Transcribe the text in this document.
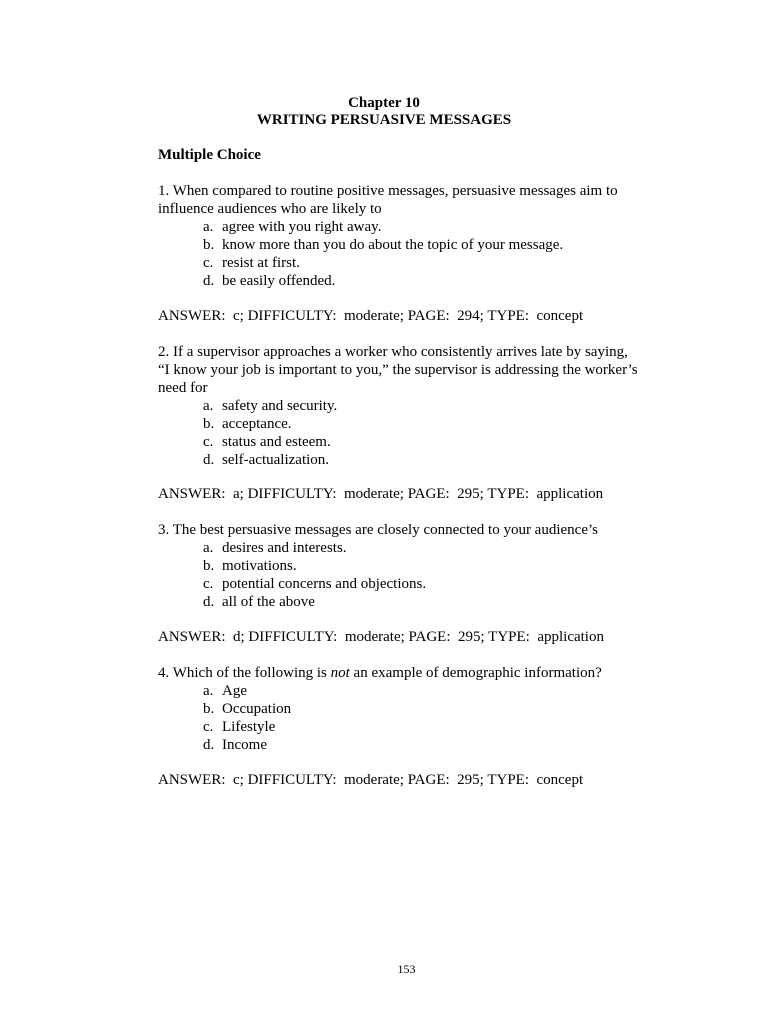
Chapter 10
WRITING PERSUASIVE MESSAGES
Multiple Choice

1. When compared to routine positive messages, persuasive messages aim to influence audiences who are likely to

a. agree with you right away.

b. know more than you do about the topic of your message.

c. resist at first.

d. be easily offended.

ANSWER:  c; DIFFICULTY:  moderate; PAGE:  294; TYPE:  concept

2. If a supervisor approaches a worker who consistently arrives late by saying, “I know your job is important to you,” the supervisor is addressing the worker’s need for

a. safety and security.

b. acceptance.

c. status and esteem.

d. self-actualization.

ANSWER:  a; DIFFICULTY:  moderate; PAGE:  295; TYPE:  application

3. The best persuasive messages are closely connected to your audience’s

a. desires and interests.

b. motivations.

c. potential concerns and objections.

d. all of the above

ANSWER:  d; DIFFICULTY:  moderate; PAGE:  295; TYPE:  application

4. Which of the following is not an example of demographic information?

a. Age

b. Occupation

c. Lifestyle

d. Income

ANSWER:  c; DIFFICULTY:  moderate; PAGE:  295; TYPE:  concept
153
